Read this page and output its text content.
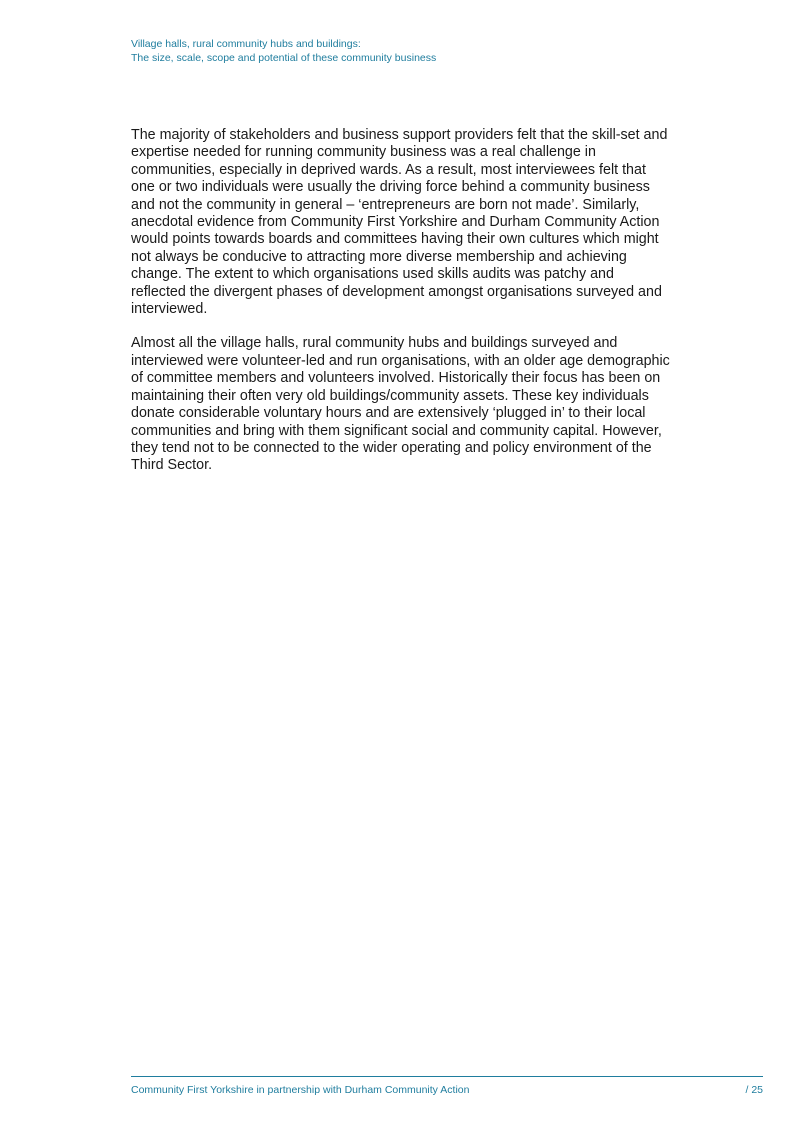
Village halls, rural community hubs and buildings:
The size, scale, scope and potential of these community business

The majority of stakeholders and business support providers felt that the skill-set and expertise needed for running community business was a real challenge in communities, especially in deprived wards. As a result, most interviewees felt that one or two individuals were usually the driving force behind a community business and not the community in general – ‘entrepreneurs are born not made’. Similarly, anecdotal evidence from Community First Yorkshire and Durham Community Action would points towards boards and committees having their own cultures which might not always be conducive to attracting more diverse membership and achieving change. The extent to which organisations used skills audits was patchy and reflected the divergent phases of development amongst organisations surveyed and interviewed.

Almost all the village halls, rural community hubs and buildings surveyed and interviewed were volunteer-led and run organisations, with an older age demographic of committee members and volunteers involved. Historically their focus has been on maintaining their often very old buildings/community assets. These key individuals donate considerable voluntary hours and are extensively ‘plugged in’ to their local communities and bring with them significant social and community capital. However, they tend not to be connected to the wider operating and policy environment of the Third Sector.

Community First Yorkshire in partnership with Durham Community Action	/ 25
